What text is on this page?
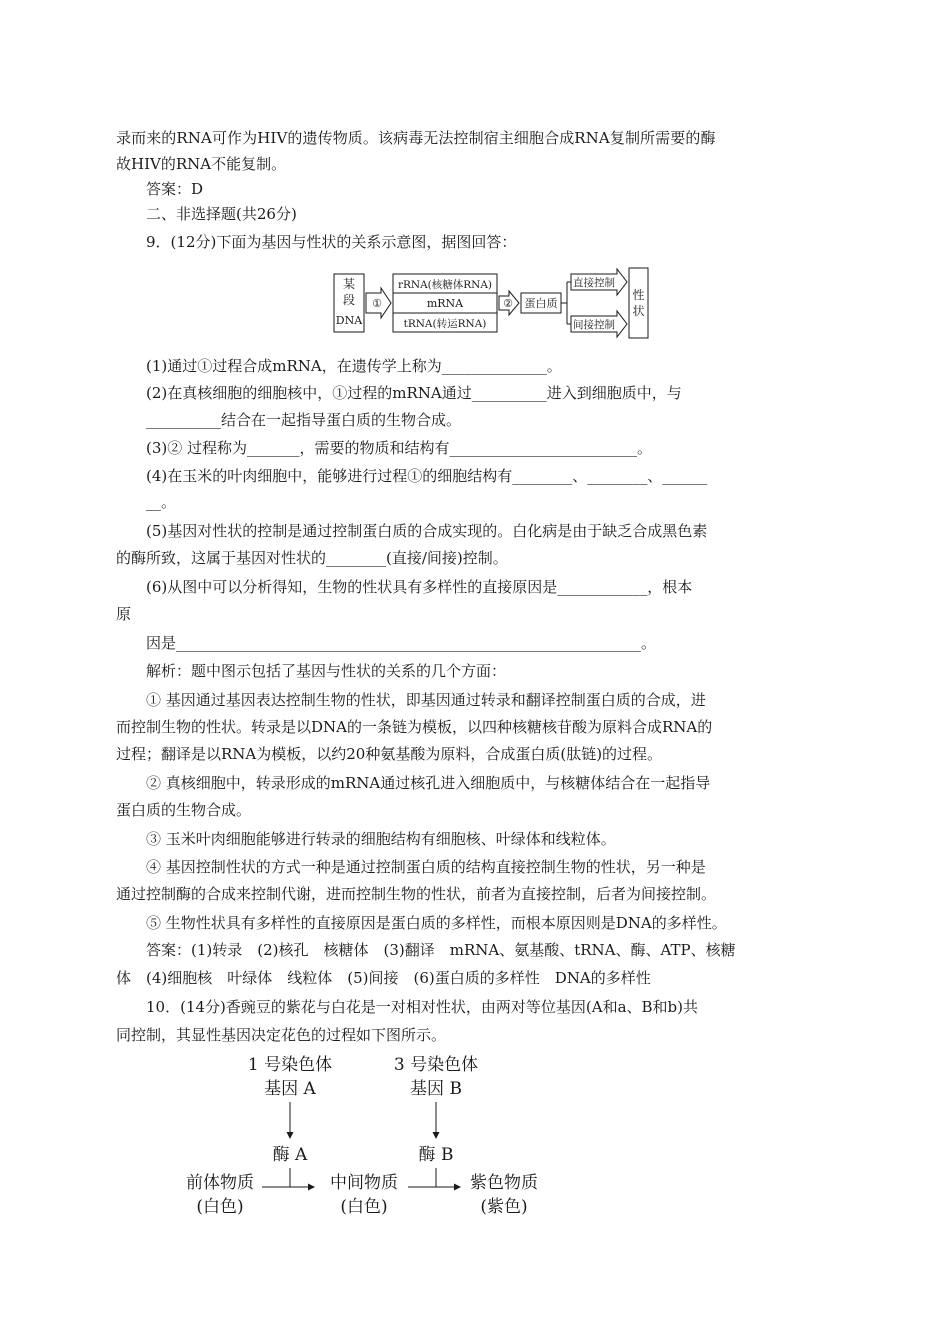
录而来的RNA可作为HIV的遗传物质。该病毒无法控制宿主细胞合成RNA复制所需要的酶
故HIV的RNA不能复制。
答案：D
二、非选择题(共26分)
9．(12分)下面为基因与性状的关系示意图，据图回答：
某
段
DNA
①
rRNA(核糖体RNA)
mRNA
tRNA(转运RNA)
② 蛋白质
直接控制
间接控制
性
状
(1)通过①过程合成mRNA，在遗传学上称为______________。
(2)在真核细胞的细胞核中，①过程的mRNA通过__________进入到细胞质中，与
__________结合在一起指导蛋白质的生物合成。
(3)② 过程称为_______，需要的物质和结构有_________________________。
(4)在玉米的叶肉细胞中，能够进行过程①的细胞结构有________、________、______
__。
(5)基因对性状的控制是通过控制蛋白质的合成实现的。白化病是由于缺乏合成黑色素
的酶所致，这属于基因对性状的________(直接/间接)控制。
(6)从图中可以分析得知，生物的性状具有多样性的直接原因是____________，根本
原
因是______________________________________________________________。
解析：题中图示包括了基因与性状的关系的几个方面：
① 基因通过基因表达控制生物的性状，即基因通过转录和翻译控制蛋白质的合成，进
而控制生物的性状。转录是以DNA的一条链为模板，以四种核糖核苷酸为原料合成RNA的
过程；翻译是以RNA为模板，以约20种氨基酸为原料，合成蛋白质(肽链)的过程。
② 真核细胞中，转录形成的mRNA通过核孔进入细胞质中，与核糖体结合在一起指导
蛋白质的生物合成。
③ 玉米叶肉细胞能够进行转录的细胞结构有细胞核、叶绿体和线粒体。
④ 基因控制性状的方式一种是通过控制蛋白质的结构直接控制生物的性状，另一种是
通过控制酶的合成来控制代谢，进而控制生物的性状，前者为直接控制，后者为间接控制。
⑤ 生物性状具有多样性的直接原因是蛋白质的多样性，而根本原因则是DNA的多样性。
答案：(1)转录　(2)核孔　核糖体　(3)翻译　mRNA、氨基酸、tRNA、酶、ATP、核糖
体　(4)细胞核　叶绿体　线粒体　(5)间接　(6)蛋白质的多样性　DNA的多样性
10．(14分)香豌豆的紫花与白花是一对相对性状，由两对等位基因(A和a、B和b)共
同控制，其显性基因决定花色的过程如下图所示。
1 号染色体
基因 A
3 号染色体
基因 B
酶 A	酶 B
前体物质
(白色)
中间物质
(白色)
紫色物质
(紫色)
